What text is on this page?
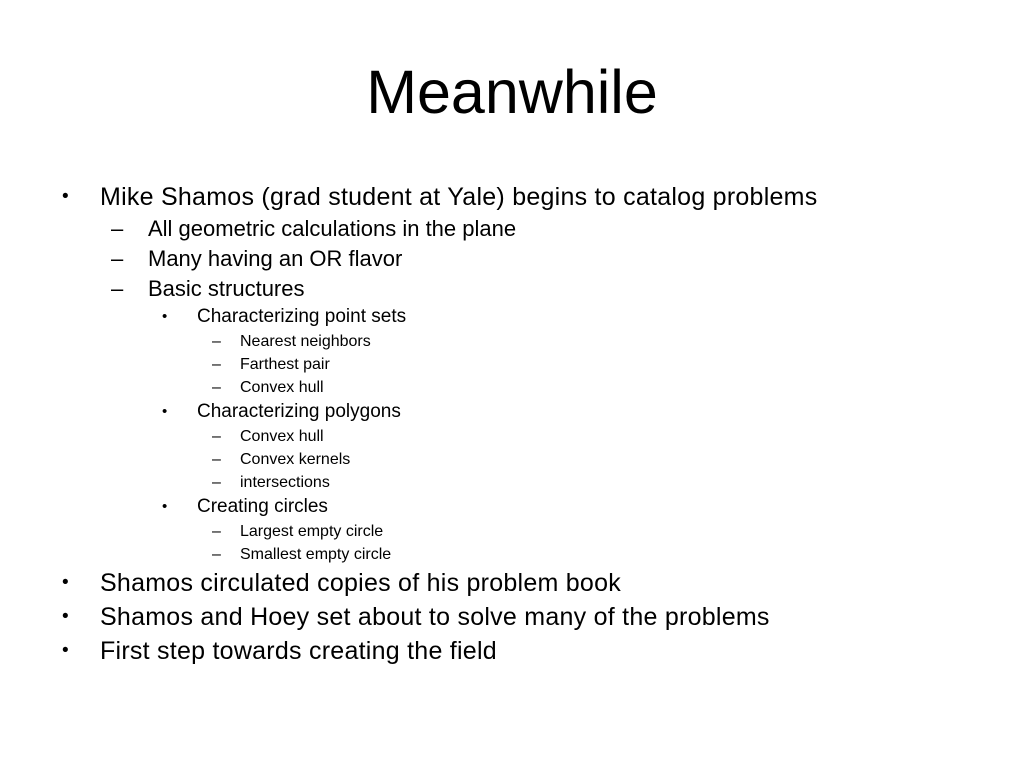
Meanwhile
• Mike Shamos (grad student at Yale) begins to catalog problems
– All geometric calculations in the plane
– Many having an OR flavor
– Basic structures
• Characterizing point sets
– Nearest neighbors
– Farthest pair
– Convex hull
• Characterizing polygons
– Convex hull
– Convex kernels
– intersections
• Creating circles
– Largest empty circle
– Smallest empty circle
• Shamos circulated copies of his problem book
• Shamos and Hoey set about to solve many of the problems
• First step towards creating the field
